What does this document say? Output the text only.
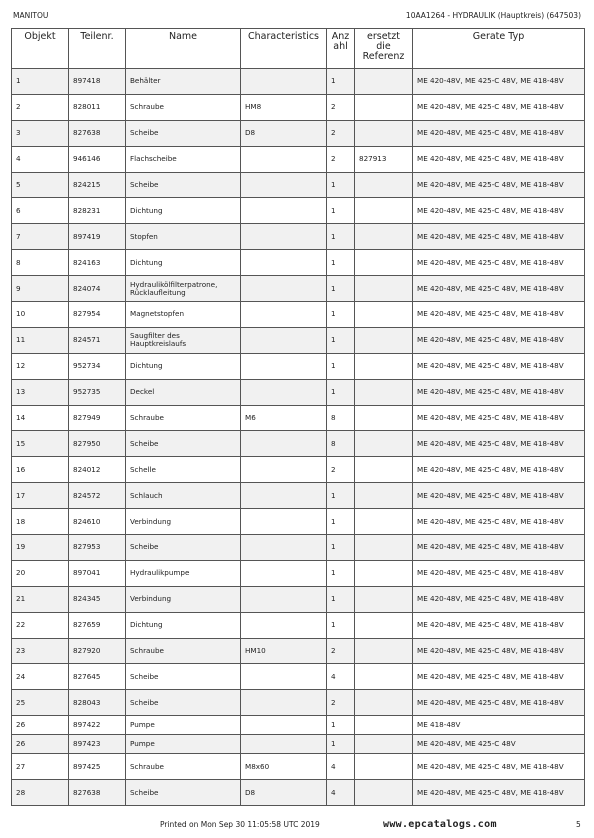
MANITOU	10AA1264 - HYDRAULIK (Hauptkreis) (647503)
Objekt	Teilenr.	Name	Characteristics	Anz ahl	ersetzt die Referenz	Gerate Typ
1	897418	Behälter		1		ME 420-48V, ME 425-C 48V, ME 418-48V
2	828011	Schraube	HM8	2		ME 420-48V, ME 425-C 48V, ME 418-48V
3	827638	Scheibe	D8	2		ME 420-48V, ME 425-C 48V, ME 418-48V
4	946146	Flachscheibe		2	827913	ME 420-48V, ME 425-C 48V, ME 418-48V
5	824215	Scheibe		1		ME 420-48V, ME 425-C 48V, ME 418-48V
6	828231	Dichtung		1		ME 420-48V, ME 425-C 48V, ME 418-48V
7	897419	Stopfen		1		ME 420-48V, ME 425-C 48V, ME 418-48V
8	824163	Dichtung		1		ME 420-48V, ME 425-C 48V, ME 418-48V
9	824074	Hydraulikölfilterpatrone, Rücklaufleitung		1		ME 420-48V, ME 425-C 48V, ME 418-48V
10	827954	Magnetstopfen		1		ME 420-48V, ME 425-C 48V, ME 418-48V
11	824571	Saugfilter des Hauptkreislaufs		1		ME 420-48V, ME 425-C 48V, ME 418-48V
12	952734	Dichtung		1		ME 420-48V, ME 425-C 48V, ME 418-48V
13	952735	Deckel		1		ME 420-48V, ME 425-C 48V, ME 418-48V
14	827949	Schraube	M6	8		ME 420-48V, ME 425-C 48V, ME 418-48V
15	827950	Scheibe		8		ME 420-48V, ME 425-C 48V, ME 418-48V
16	824012	Schelle		2		ME 420-48V, ME 425-C 48V, ME 418-48V
17	824572	Schlauch		1		ME 420-48V, ME 425-C 48V, ME 418-48V
18	824610	Verbindung		1		ME 420-48V, ME 425-C 48V, ME 418-48V
19	827953	Scheibe		1		ME 420-48V, ME 425-C 48V, ME 418-48V
20	897041	Hydraulikpumpe		1		ME 420-48V, ME 425-C 48V, ME 418-48V
21	824345	Verbindung		1		ME 420-48V, ME 425-C 48V, ME 418-48V
22	827659	Dichtung		1		ME 420-48V, ME 425-C 48V, ME 418-48V
23	827920	Schraube	HM10	2		ME 420-48V, ME 425-C 48V, ME 418-48V
24	827645	Scheibe		4		ME 420-48V, ME 425-C 48V, ME 418-48V
25	828043	Scheibe		2		ME 420-48V, ME 425-C 48V, ME 418-48V
26	897422	Pumpe		1		ME 418-48V
26	897423	Pumpe		1		ME 420-48V, ME 425-C 48V
27	897425	Schraube	M8x60	4		ME 420-48V, ME 425-C 48V, ME 418-48V
28	827638	Scheibe	D8	4		ME 420-48V, ME 425-C 48V, ME 418-48V
Printed on Mon Sep 30 11:05:58 UTC 2019	www.epcatalogs.com	5
